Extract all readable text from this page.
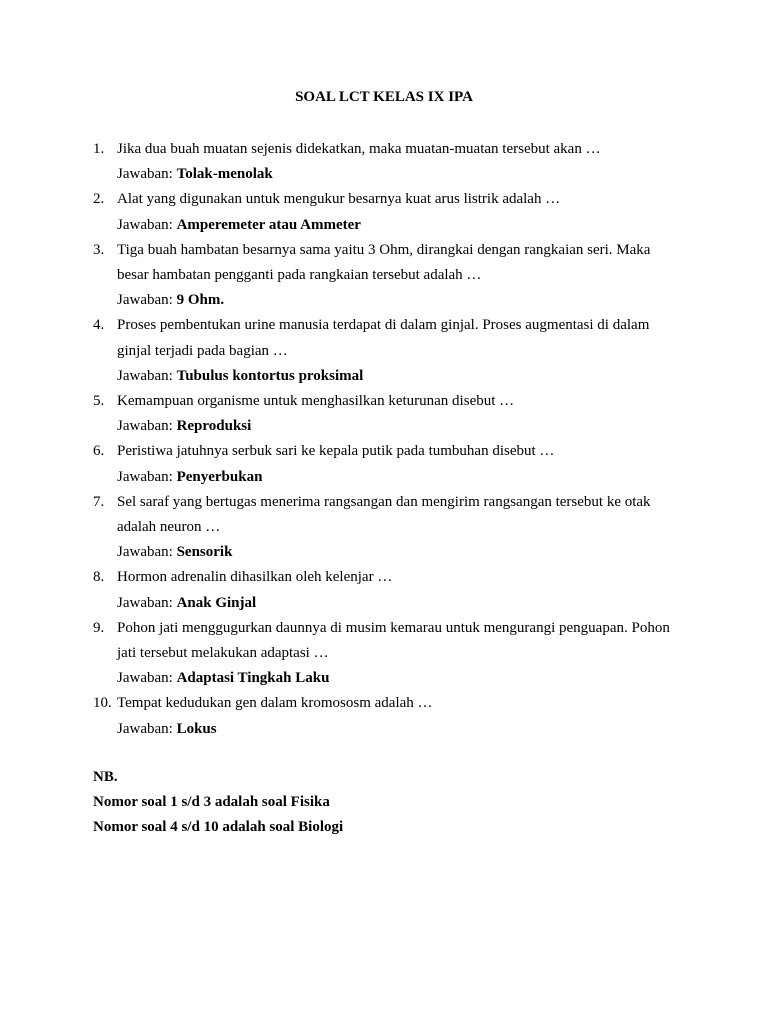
SOAL LCT KELAS IX IPA
1. Jika dua buah muatan sejenis didekatkan, maka muatan-muatan tersebut akan …
Jawaban: Tolak-menolak
2. Alat yang digunakan untuk mengukur besarnya kuat arus listrik adalah …
Jawaban: Amperemeter atau Ammeter
3. Tiga buah hambatan besarnya sama yaitu 3 Ohm, dirangkai dengan rangkaian seri. Maka besar hambatan pengganti pada rangkaian tersebut adalah …
Jawaban: 9 Ohm.
4. Proses pembentukan urine manusia terdapat di dalam ginjal. Proses augmentasi di dalam ginjal terjadi pada bagian …
Jawaban: Tubulus kontortus proksimal
5. Kemampuan organisme untuk menghasilkan keturunan disebut …
Jawaban: Reproduksi
6. Peristiwa jatuhnya serbuk sari ke kepala putik pada tumbuhan disebut …
Jawaban: Penyerbukan
7. Sel saraf yang bertugas menerima rangsangan dan mengirim rangsangan tersebut ke otak adalah neuron …
Jawaban: Sensorik
8. Hormon adrenalin dihasilkan oleh kelenjar …
Jawaban: Anak Ginjal
9. Pohon jati menggugurkan daunnya di musim kemarau untuk mengurangi penguapan. Pohon jati tersebut melakukan adaptasi …
Jawaban: Adaptasi Tingkah Laku
10. Tempat kedudukan gen dalam kromososm adalah …
Jawaban: Lokus
NB.
Nomor soal 1 s/d 3 adalah soal Fisika
Nomor soal 4 s/d 10 adalah soal Biologi
